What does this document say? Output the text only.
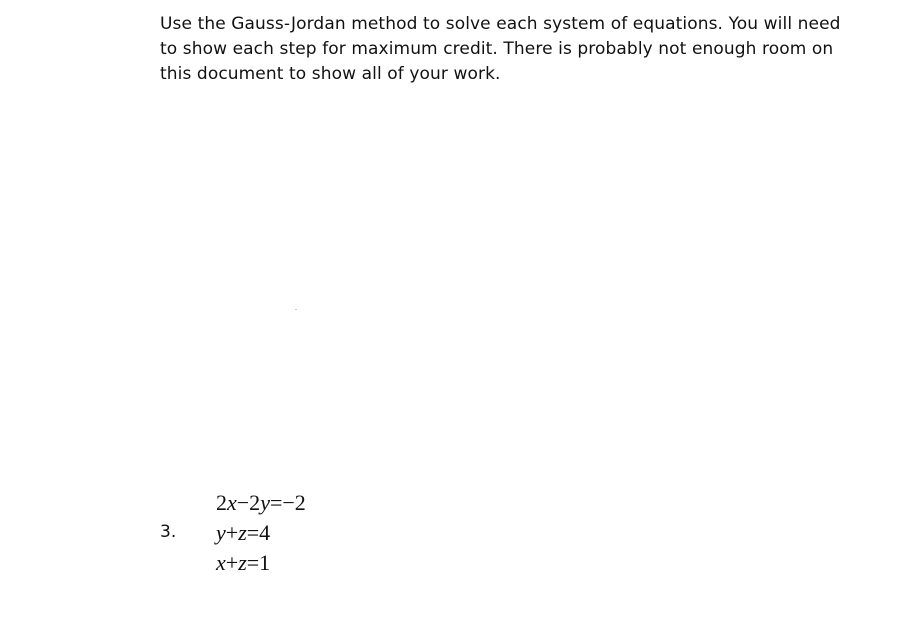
Use the Gauss-Jordan method to solve each system of equations. You will need to show each step for maximum credit. There is probably not enough room on this document to show all of your work.

3.
2x−2y=−2
y+z=4
x+z=1
